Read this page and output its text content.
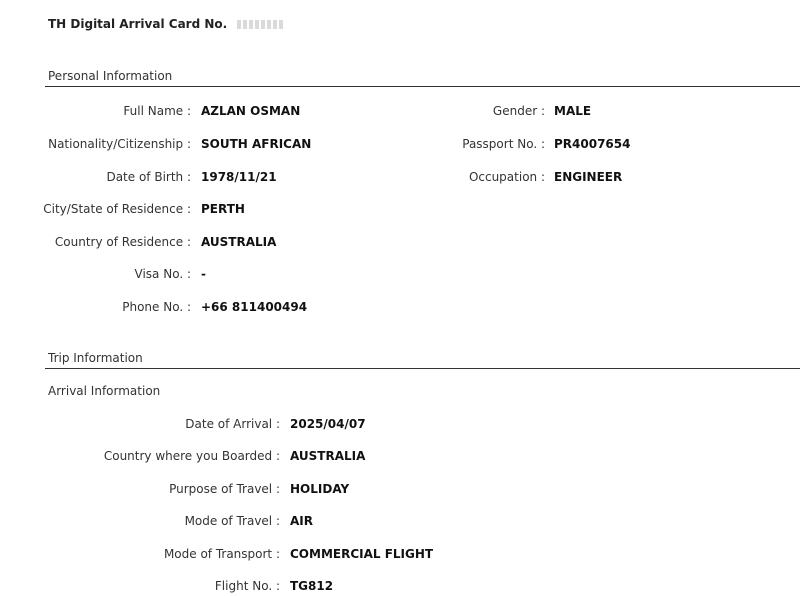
TH Digital Arrival Card No.
Personal Information
Full Name : AZLAN OSMAN
Nationality/Citizenship : SOUTH AFRICAN
Date of Birth : 1978/11/21
City/State of Residence : PERTH
Country of Residence : AUSTRALIA
Visa No. : -
Phone No. : +66 811400494
Gender : MALE
Passport No. : PR4007654
Occupation : ENGINEER
Trip Information
Arrival Information
Date of Arrival : 2025/04/07
Country where you Boarded : AUSTRALIA
Purpose of Travel : HOLIDAY
Mode of Travel : AIR
Mode of Transport : COMMERCIAL FLIGHT
Flight No. : TG812
